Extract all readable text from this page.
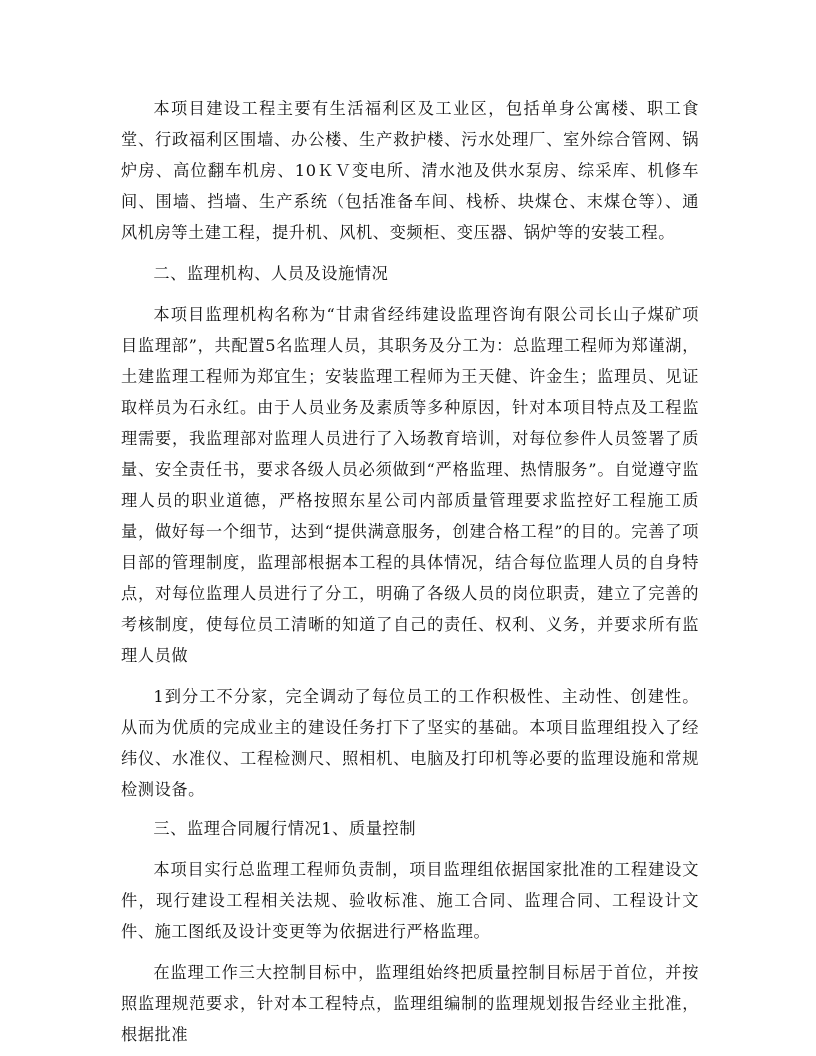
本项目建设工程主要有生活福利区及工业区，包括单身公寓楼、职工食堂、行政福利区围墙、办公楼、生产救护楼、污水处理厂、室外综合管网、锅炉房、高位翻车机房、10ＫＶ变电所、清水池及供水泵房、综采库、机修车间、围墙、挡墙、生产系统（包括准备车间、栈桥、块煤仓、末煤仓等）、通风机房等土建工程，提升机、风机、变频柜、变压器、锅炉等的安装工程。

二、监理机构、人员及设施情况

本项目监理机构名称为“甘肃省经纬建设监理咨询有限公司长山子煤矿项目监理部”，共配置5名监理人员，其职务及分工为：总监理工程师为郑谨湖，土建监理工程师为郑宜生；安装监理工程师为王天健、许金生；监理员、见证取样员为石永红。由于人员业务及素质等多种原因，针对本项目特点及工程监理需要，我监理部对监理人员进行了入场教育培训，对每位参件人员签署了质量、安全责任书，要求各级人员必须做到“严格监理、热情服务”。自觉遵守监理人员的职业道德，严格按照东星公司内部质量管理要求监控好工程施工质量，做好每一个细节，达到“提供满意服务，创建合格工程”的目的。完善了项目部的管理制度，监理部根据本工程的具体情况，结合每位监理人员的自身特点，对每位监理人员进行了分工，明确了各级人员的岗位职责，建立了完善的考核制度，使每位员工清晰的知道了自己的责任、权利、义务，并要求所有监理人员做

1到分工不分家，完全调动了每位员工的工作积极性、主动性、创建性。从而为优质的完成业主的建设任务打下了坚实的基础。本项目监理组投入了经纬仪、水准仪、工程检测尺、照相机、电脑及打印机等必要的监理设施和常规检测设备。

三、监理合同履行情况1、质量控制

本项目实行总监理工程师负责制，项目监理组依据国家批准的工程建设文件，现行建设工程相关法规、验收标准、施工合同、监理合同、工程设计文件、施工图纸及设计变更等为依据进行严格监理。

在监理工作三大控制目标中，监理组始终把质量控制目标居于首位，并按照监理规范要求，针对本工程特点，监理组编制的监理规划报告经业主批准，根据批准
